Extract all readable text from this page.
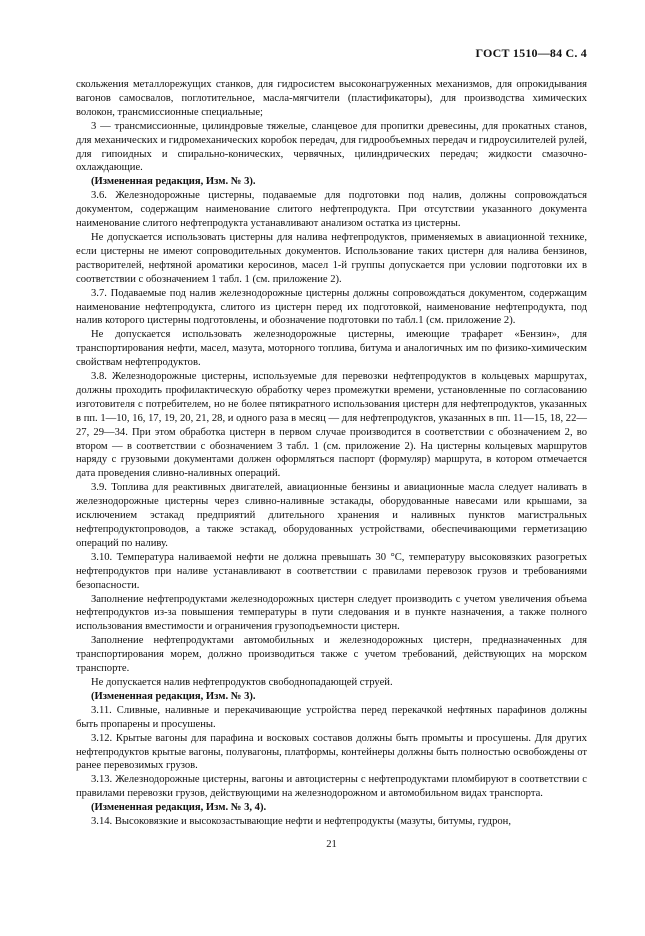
ГОСТ 1510—84 С. 4

скольжения металлорежущих станков, для гидросистем высоконагруженных механизмов, для опрокидывания вагонов самосвалов, поглотительное, масла-мягчители (пластификаторы), для производства химических волокон, трансмиссионные специальные;

3 — трансмиссионные, цилиндровые тяжелые, сланцевое для пропитки древесины, для прокатных станов, для механических и гидромеханических коробок передач, для гидрообъемных передач и гидроусилителей рулей, для гипоидных и спирально-конических, червячных, цилиндрических передач; жидкости смазочно-охлаждающие.

(Измененная редакция, Изм. № 3).

3.6. Железнодорожные цистерны, подаваемые для подготовки под налив, должны сопровождаться документом, содержащим наименование слитого нефтепродукта. При отсутствии указанного документа наименование слитого нефтепродукта устанавливают анализом остатка из цистерны.

Не допускается использовать цистерны для налива нефтепродуктов, применяемых в авиационной технике, если цистерны не имеют сопроводительных документов. Использование таких цистерн для налива бензинов, растворителей, нефтяной ароматики керосинов, масел 1-й группы допускается при условии подготовки их в соответствии с обозначением 1 табл. 1 (см. приложение 2).

3.7. Подаваемые под налив железнодорожные цистерны должны сопровождаться документом, содержащим наименование нефтепродукта, слитого из цистерн перед их подготовкой, наименование нефтепродукта, под налив которого цистерны подготовлены, и обозначение подготовки по табл.1 (см. приложение 2).

Не допускается использовать железнодорожные цистерны, имеющие трафарет «Бензин», для транспортирования нефти, масел, мазута, моторного топлива, битума и аналогичных им по физико-химическим свойствам нефтепродуктов.

3.8. Железнодорожные цистерны, используемые для перевозки нефтепродуктов в кольцевых маршрутах, должны проходить профилактическую обработку через промежутки времени, установленные по согласованию изготовителя с потребителем, но не более пятикратного использования цистерн для нефтепродуктов, указанных в пп. 1—10, 16, 17, 19, 20, 21, 28, и одного раза в месяц — для нефтепродуктов, указанных в пп. 11—15, 18, 22—27, 29—34. При этом обработка цистерн в первом случае производится в соответствии с обозначением 2, во втором — в соответствии с обозначением 3 табл. 1 (см. приложение 2). На цистерны кольцевых маршрутов наряду с грузовыми документами должен оформляться паспорт (формуляр) маршрута, в котором отмечается дата проведения сливно-наливных операций.

3.9. Топлива для реактивных двигателей, авиационные бензины и авиационные масла следует наливать в железнодорожные цистерны через сливно-наливные эстакады, оборудованные навесами или крышами, за исключением эстакад предприятий длительного хранения и наливных пунктов магистральных нефтепродуктопроводов, а также эстакад, оборудованных устройствами, обеспечивающими герметизацию операций по наливу.

3.10. Температура наливаемой нефти не должна превышать 30 °С, температуру высоковязких разогретых нефтепродуктов при наливе устанавливают в соответствии с правилами перевозок грузов и требованиями безопасности.

Заполнение нефтепродуктами железнодорожных цистерн следует производить с учетом увеличения объема нефтепродуктов из-за повышения температуры в пути следования и в пункте назначения, а также полного использования вместимости и ограничения грузоподъемности цистерн.

Заполнение нефтепродуктами автомобильных и железнодорожных цистерн, предназначенных для транспортирования морем, должно производиться также с учетом требований, действующих на морском транспорте.

Не допускается налив нефтепродуктов свободнопадающей струей.

(Измененная редакция, Изм. № 3).

3.11. Сливные, наливные и перекачивающие устройства перед перекачкой нефтяных парафинов должны быть пропарены и просушены.

3.12. Крытые вагоны для парафина и восковых составов должны быть промыты и просушены. Для других нефтепродуктов крытые вагоны, полувагоны, платформы, контейнеры должны быть полностью освобождены от ранее перевозимых грузов.

3.13. Железнодорожные цистерны, вагоны и автоцистерны с нефтепродуктами пломбируют в соответствии с правилами перевозки грузов, действующими на железнодорожном и автомобильном видах транспорта.

(Измененная редакция, Изм. № 3, 4).

3.14. Высоковязкие и высокозастывающие нефти и нефтепродукты (мазуты, битумы, гудрон,

21
